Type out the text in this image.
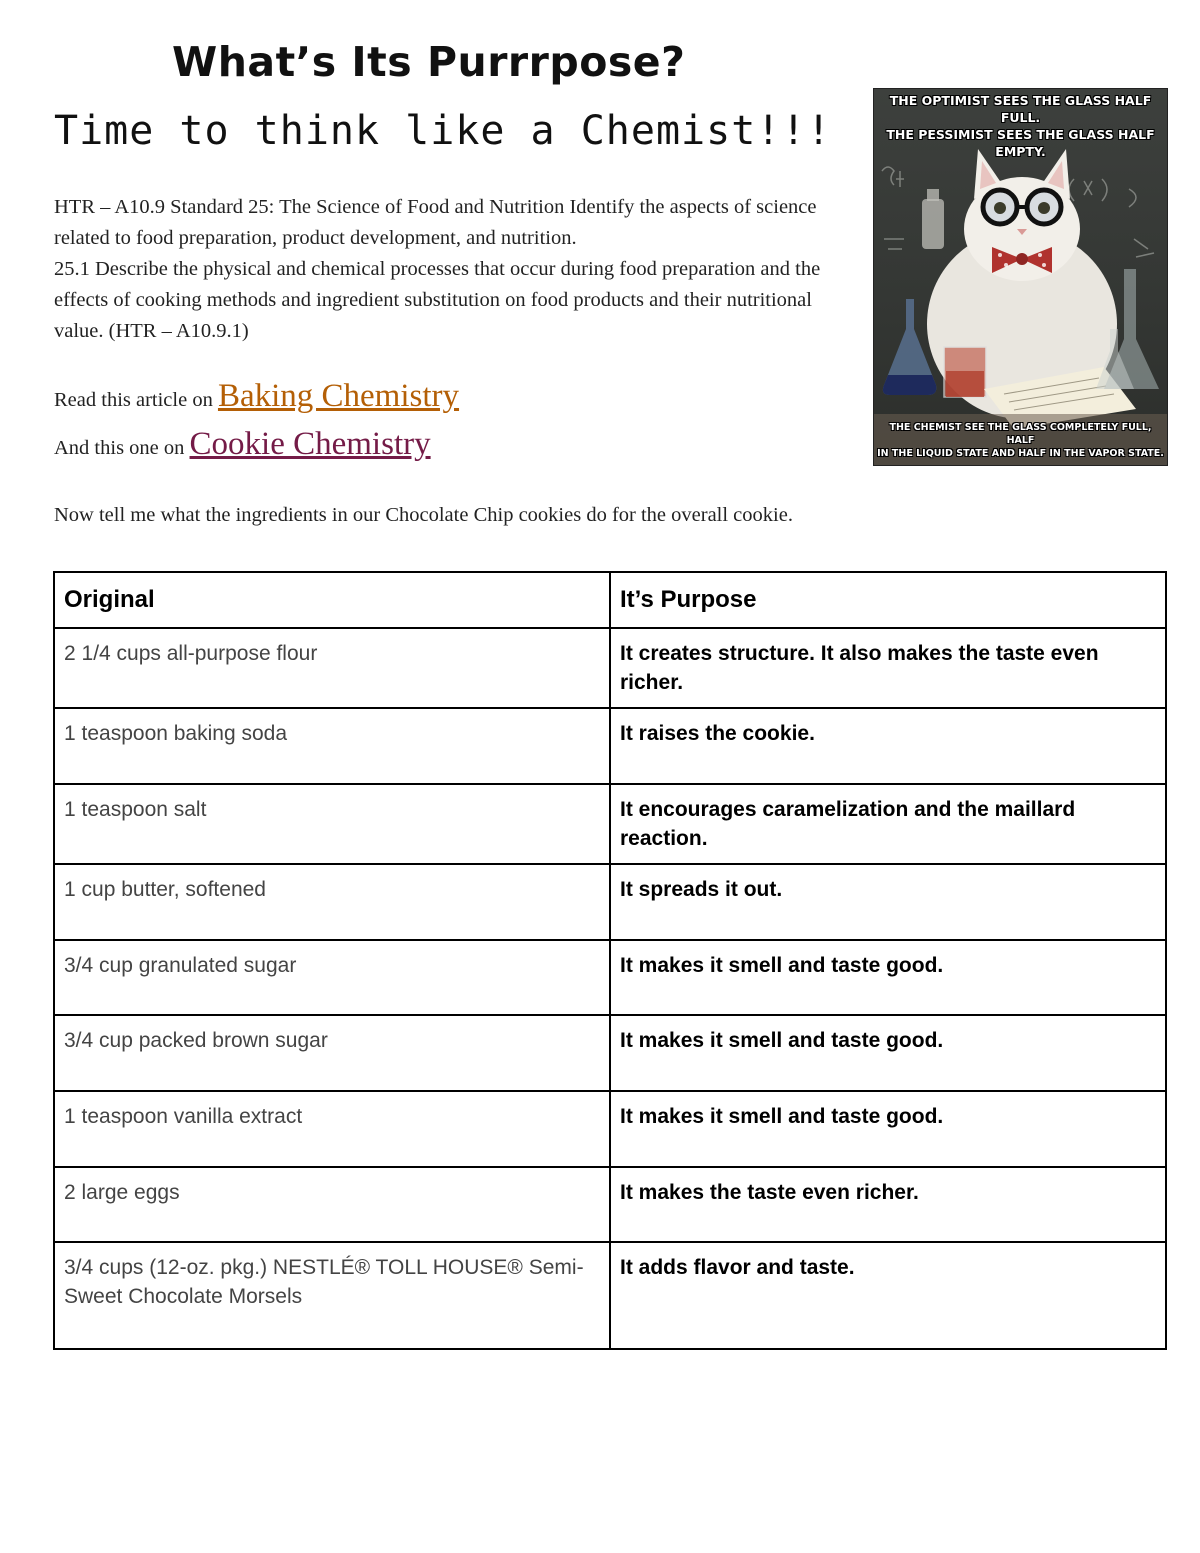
What’s Its Purrrpose?
Time to think like a Chemist!!!

HTR – A10.9 Standard 25: The Science of Food and Nutrition Identify the aspects of science related to food preparation, product development, and nutrition.

25.1 Describe the physical and chemical processes that occur during food preparation and the effects of cooking methods and ingredient substitution on food products and their nutritional value. (HTR – A10.9.1)

Read this article on Baking Chemistry
And this one on Cookie Chemistry
Now tell me what the ingredients in our Chocolate Chip cookies do for the overall cookie.
THE OPTIMIST SEES THE GLASS HALF FULL.
THE PESSIMIST SEES THE GLASS HALF
EMPTY.
THE CHEMIST SEE THE GLASS COMPLETELY FULL, HALF
IN THE LIQUID STATE AND HALF IN THE VAPOR STATE.
Original	It’s Purpose
2 1/4 cups all-purpose flour	It creates structure. It also makes the taste even richer.
1 teaspoon baking soda	It raises the cookie.
1 teaspoon salt	It encourages caramelization and the maillard reaction.
1 cup butter, softened	It spreads it out.
3/4 cup granulated sugar	It makes it smell and taste good.
3/4 cup packed brown sugar	It makes it smell and taste good.
1 teaspoon vanilla extract	It makes it smell and taste good.
2 large eggs	It makes the taste even richer.
3/4 cups (12-oz. pkg.) NESTLÉ® TOLL HOUSE® Semi-Sweet Chocolate Morsels	It adds flavor and taste.
